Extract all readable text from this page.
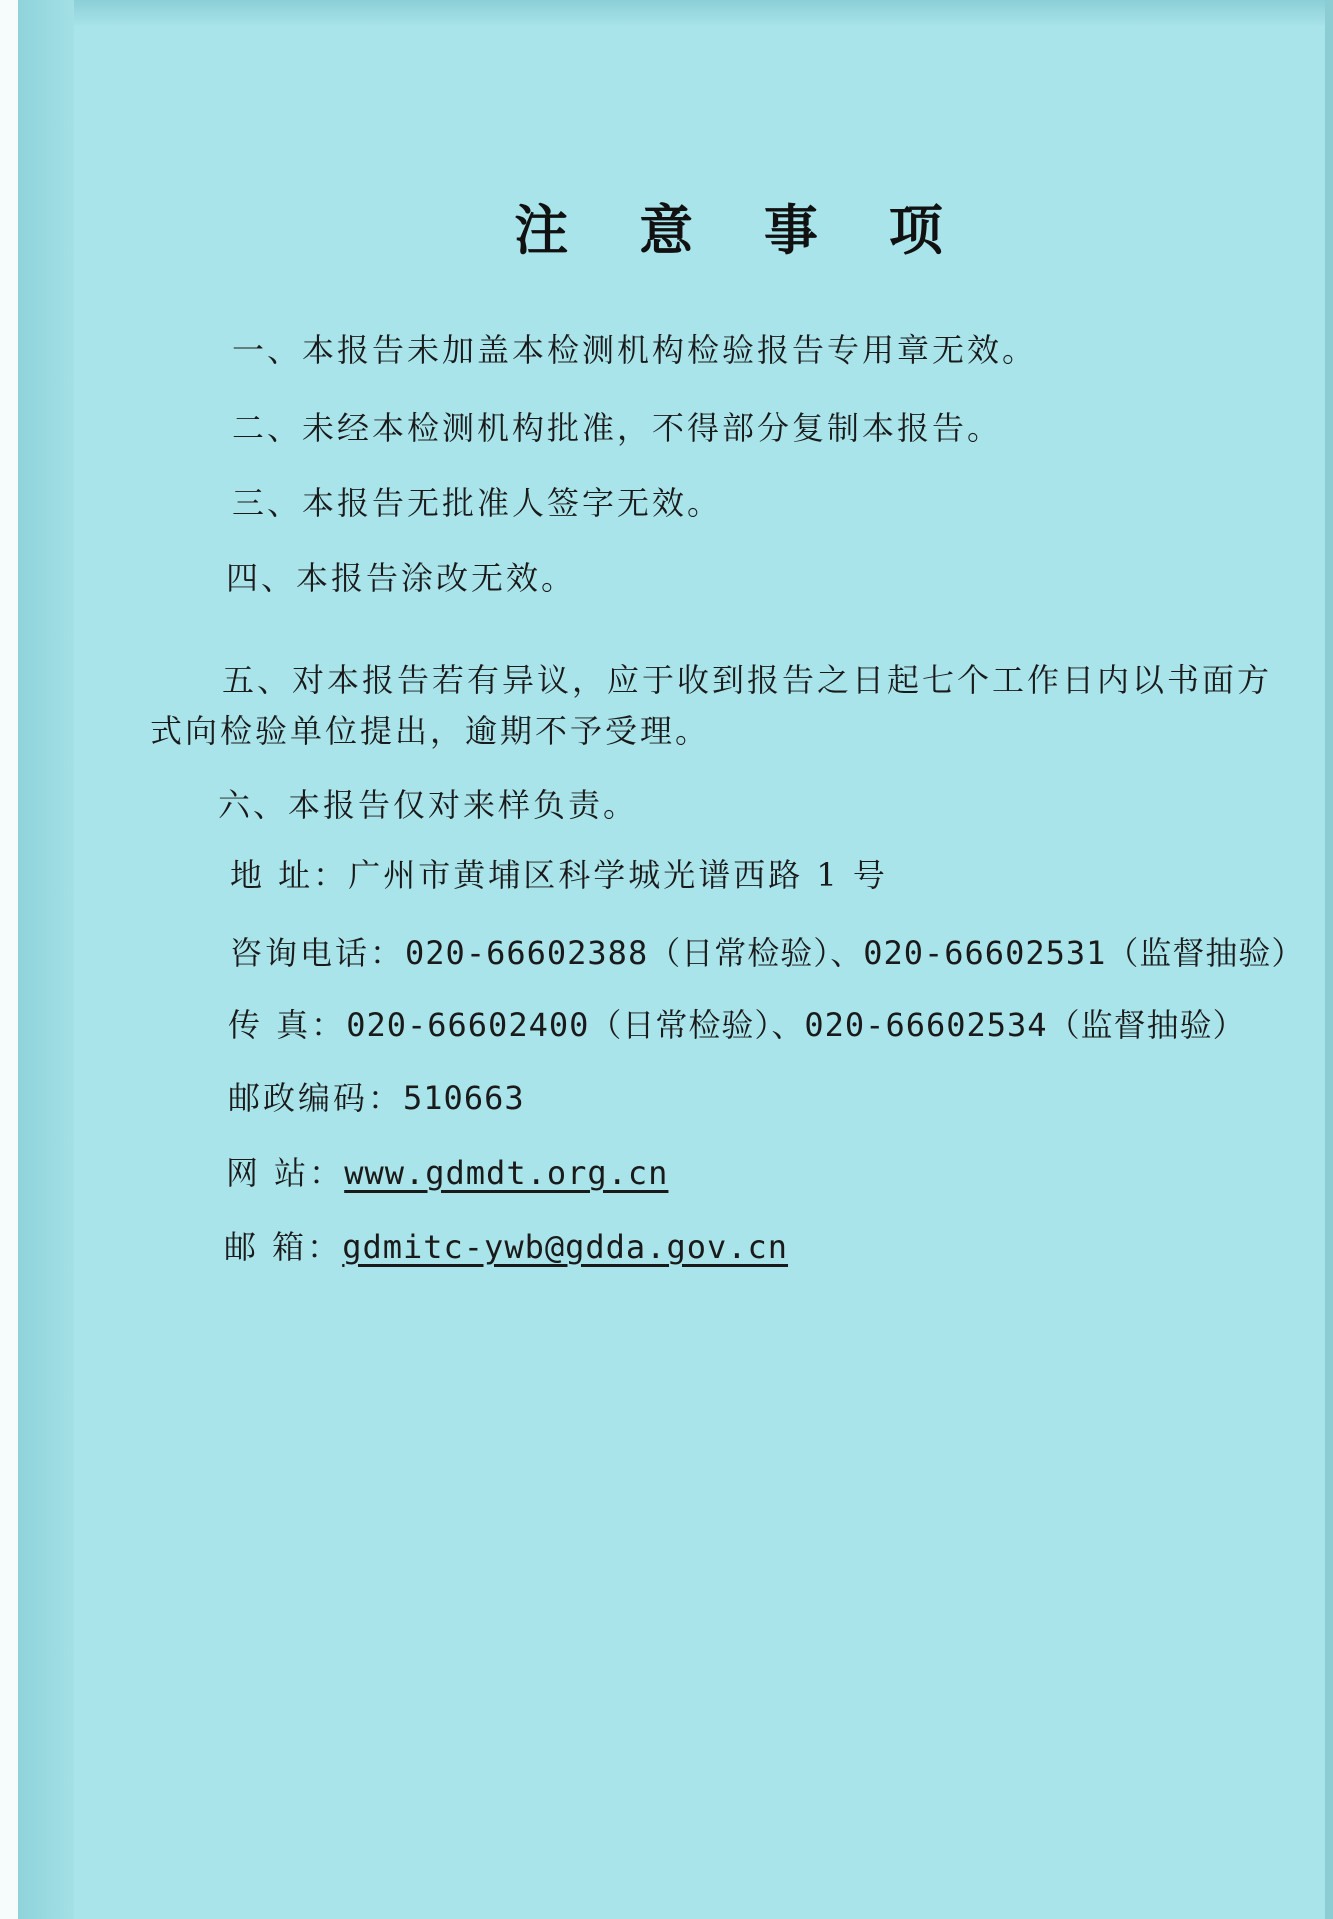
注 意 事 项
一、本报告未加盖本检测机构检验报告专用章无效。
二、未经本检测机构批准，不得部分复制本报告。
三、本报告无批准人签字无效。
四、本报告涂改无效。
五、对本报告若有异议，应于收到报告之日起七个工作日内以书面方
式向检验单位提出，逾期不予受理。
六、本报告仅对来样负责。
地 址：广州市黄埔区科学城光谱西路 1 号
咨询电话：020-66602388（日常检验）、020-66602531（监督抽验）
传 真：020-66602400（日常检验）、020-66602534（监督抽验）
邮政编码：510663
网 站：www.gdmdt.org.cn
邮 箱：gdmitc-ywb@gdda.gov.cn
